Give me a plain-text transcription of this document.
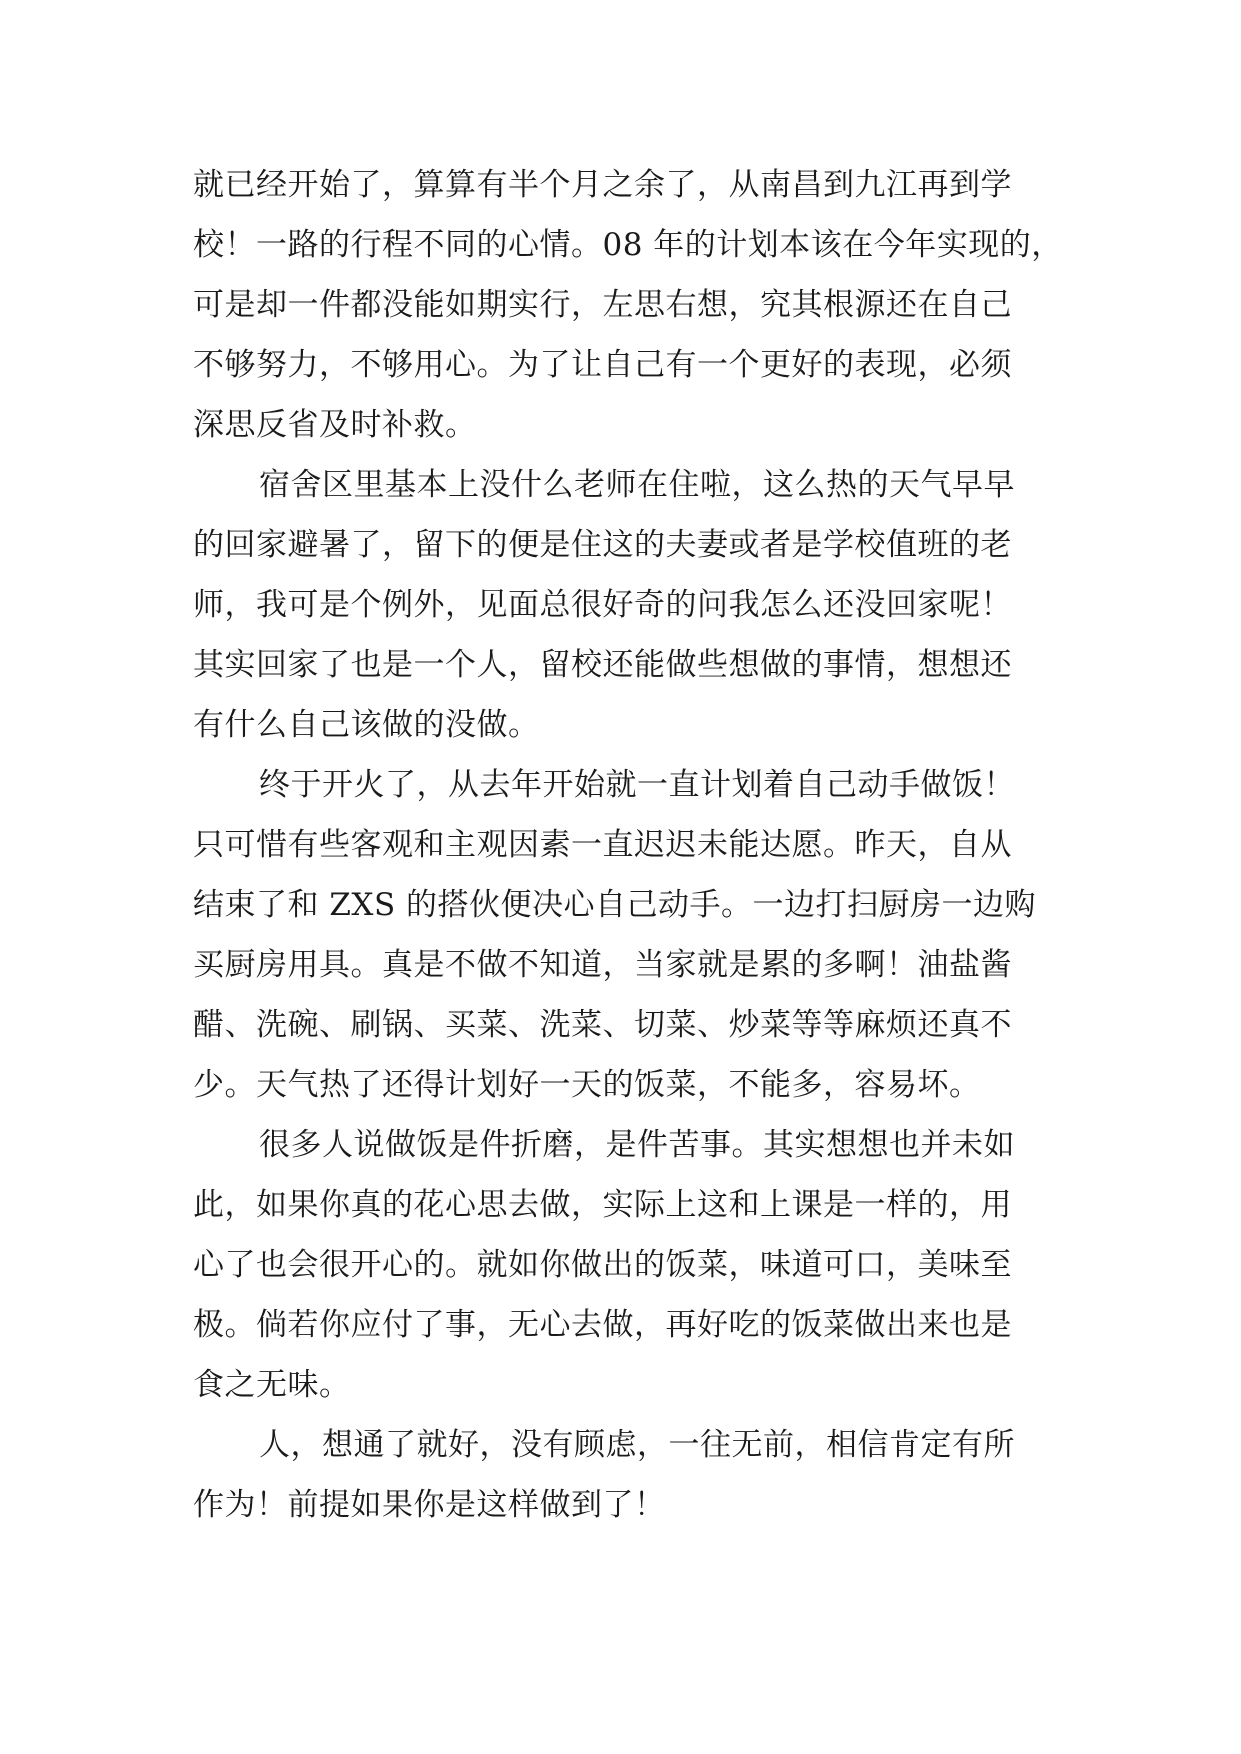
就已经开始了，算算有半个月之余了，从南昌到九江再到学
校！一路的行程不同的心情。08 年的计划本该在今年实现的，
可是却一件都没能如期实行，左思右想，究其根源还在自己
不够努力，不够用心。为了让自己有一个更好的表现，必须
深思反省及时补救。
宿舍区里基本上没什么老师在住啦，这么热的天气早早
的回家避暑了，留下的便是住这的夫妻或者是学校值班的老
师，我可是个例外，见面总很好奇的问我怎么还没回家呢！
其实回家了也是一个人，留校还能做些想做的事情，想想还
有什么自己该做的没做。
终于开火了，从去年开始就一直计划着自己动手做饭！
只可惜有些客观和主观因素一直迟迟未能达愿。昨天，自从
结束了和 ZXS 的搭伙便决心自己动手。一边打扫厨房一边购
买厨房用具。真是不做不知道，当家就是累的多啊！油盐酱
醋、洗碗、刷锅、买菜、洗菜、切菜、炒菜等等麻烦还真不
少。天气热了还得计划好一天的饭菜，不能多，容易坏。
很多人说做饭是件折磨，是件苦事。其实想想也并未如
此，如果你真的花心思去做，实际上这和上课是一样的，用
心了也会很开心的。就如你做出的饭菜，味道可口，美味至
极。倘若你应付了事，无心去做，再好吃的饭菜做出来也是
食之无味。
人，想通了就好，没有顾虑，一往无前，相信肯定有所
作为！前提如果你是这样做到了！
